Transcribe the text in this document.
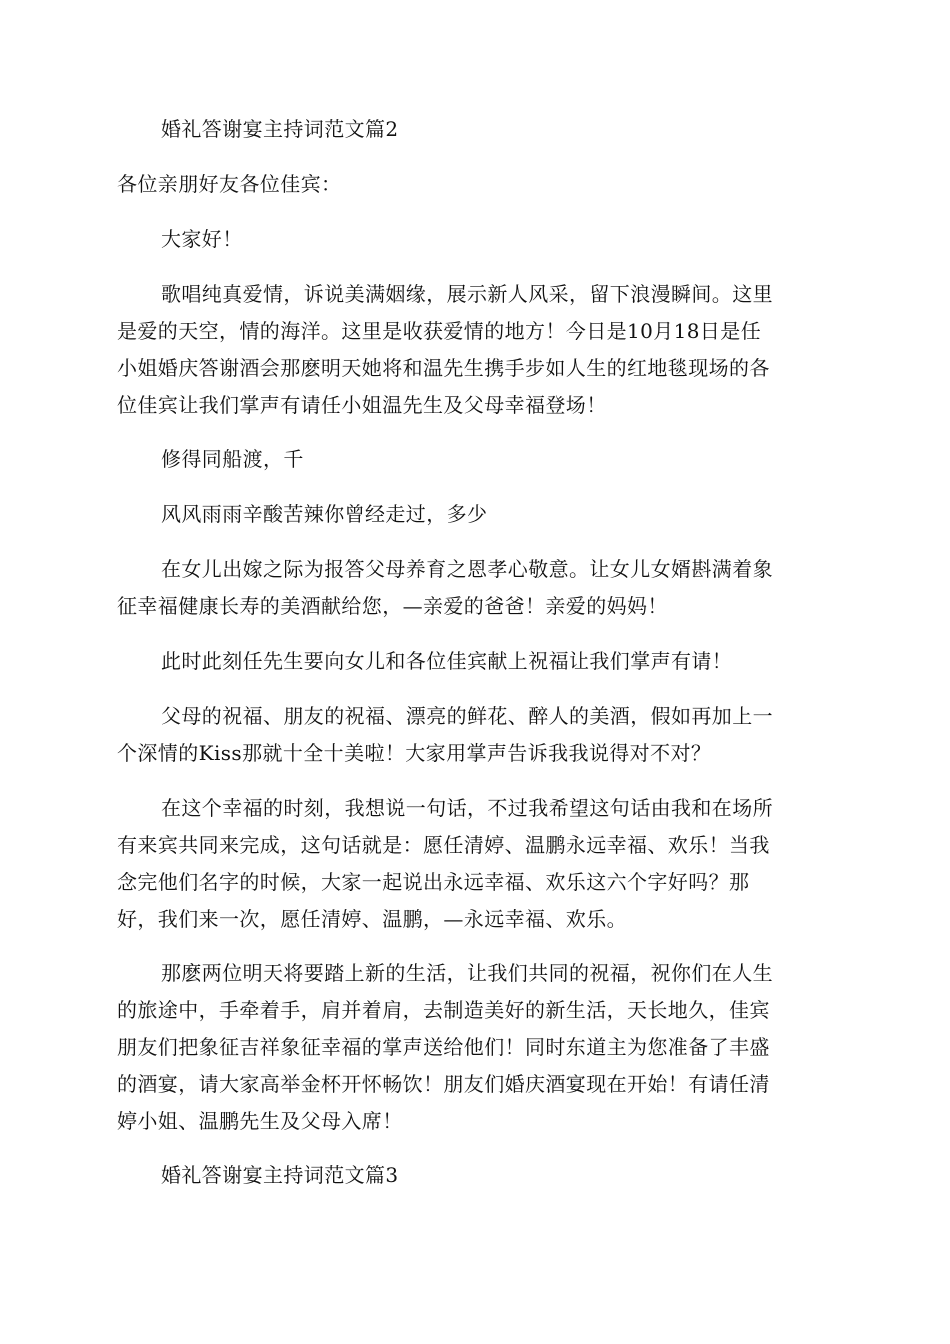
婚礼答谢宴主持词范文篇2
各位亲朋好友各位佳宾：
大家好！
歌唱纯真爱情，诉说美满姻缘，展示新人风采，留下浪漫瞬间。这里
是爱的天空，情的海洋。这里是收获爱情的地方！今日是10月18日是任
小姐婚庆答谢酒会那麽明天她将和温先生携手步如人生的红地毯现场的各
位佳宾让我们掌声有请任小姐温先生及父母幸福登场！
修得同船渡，千
风风雨雨辛酸苦辣你曾经走过，多少
在女儿出嫁之际为报答父母养育之恩孝心敬意。让女儿女婿斟满着象
征幸福健康长寿的美酒献给您，—亲爱的爸爸！亲爱的妈妈！
此时此刻任先生要向女儿和各位佳宾献上祝福让我们掌声有请！
父母的祝福、朋友的祝福、漂亮的鲜花、醉人的美酒，假如再加上一
个深情的Kiss那就十全十美啦！大家用掌声告诉我我说得对不对？
在这个幸福的时刻，我想说一句话，不过我希望这句话由我和在场所
有来宾共同来完成，这句话就是：愿任清婷、温鹏永远幸福、欢乐！当我
念完他们名字的时候，大家一起说出永远幸福、欢乐这六个字好吗？那
好，我们来一次，愿任清婷、温鹏，—永远幸福、欢乐。
那麽两位明天将要踏上新的生活，让我们共同的祝福，祝你们在人生
的旅途中，手牵着手，肩并着肩，去制造美好的新生活，天长地久，佳宾
朋友们把象征吉祥象征幸福的掌声送给他们！同时东道主为您准备了丰盛
的酒宴，请大家高举金杯开怀畅饮！朋友们婚庆酒宴现在开始！有请任清
婷小姐、温鹏先生及父母入席！
婚礼答谢宴主持词范文篇3
